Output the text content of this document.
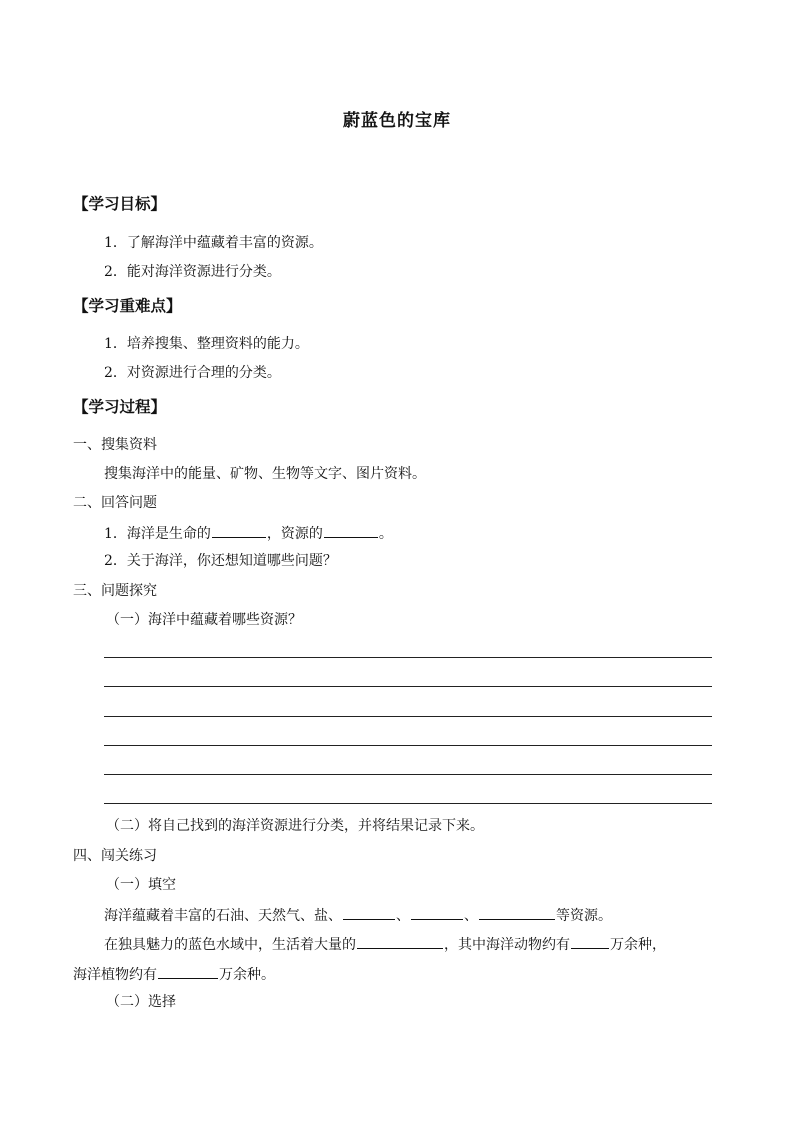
蔚蓝色的宝库
【学习目标】
1．了解海洋中蕴藏着丰富的资源。
2．能对海洋资源进行分类。
【学习重难点】
1．培养搜集、整理资料的能力。
2．对资源进行合理的分类。
【学习过程】
一、搜集资料
搜集海洋中的能量、矿物、生物等文字、图片资料。
二、回答问题
1．海洋是生命的	，资源的	。
2．关于海洋，你还想知道哪些问题？
三、问题探究
（一）海洋中蕴藏着哪些资源？
（二）将自己找到的海洋资源进行分类，并将结果记录下来。
四、闯关练习
（一）填空
海洋蕴藏着丰富的石油、天然气、盐、	、	、	等资源。
在独具魅力的蓝色水域中，生活着大量的	，其中海洋动物约有	万余种，
海洋植物约有	万余种。
（二）选择
